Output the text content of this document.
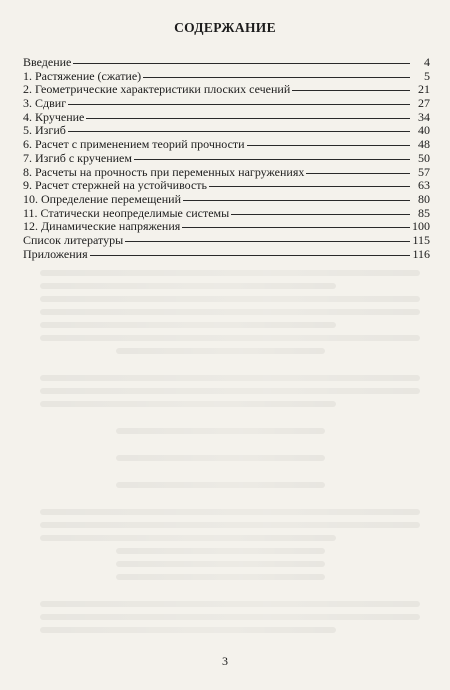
СОДЕРЖАНИЕ
Введение	4
1. Растяжение (сжатие)	5
2. Геометрические характеристики плоских сечений	21
3. Сдвиг	27
4. Кручение	34
5. Изгиб	40
6. Расчет с применением теорий прочности	48
7. Изгиб с кручением	50
8. Расчеты на прочность при переменных нагружениях	57
9. Расчет стержней на устойчивость	63
10. Определение перемещений	80
11. Статически неопределимые системы	85
12. Динамические напряжения	100
Список литературы	115
Приложения	116
3
